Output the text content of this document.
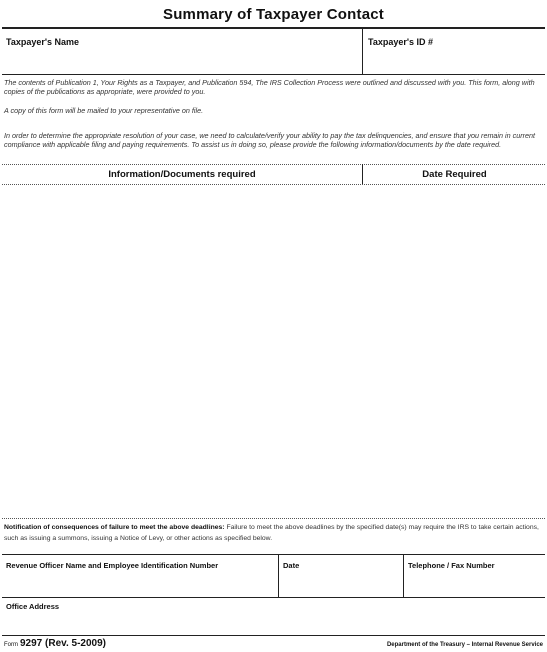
Summary of Taxpayer Contact
Taxpayer's Name	Taxpayer's ID #
The contents of Publication 1, Your Rights as a Taxpayer, and Publication 594, The IRS Collection Process were outlined and discussed with you. This form, along with copies of the publications as appropriate, were provided to you.
A copy of this form will be mailed to your representative on file.
In order to determine the appropriate resolution of your case, we need to calculate/verify your ability to pay the tax delinquencies, and ensure that you remain in current compliance with applicable filing and paying requirements. To assist us in doing so, please provide the following information/documents by the date required.
Information/Documents required	Date Required
Notification of consequences of failure to meet the above deadlines: Failure to meet the above deadlines by the specified date(s) may require the IRS to take certain actions, such as issuing a summons, issuing a Notice of Levy, or other actions as specified below.
Revenue Officer Name and Employee Identification Number	Date	Telephone / Fax Number
Office Address
Form 9297 (Rev. 5-2009)	Department of the Treasury – Internal Revenue Service
